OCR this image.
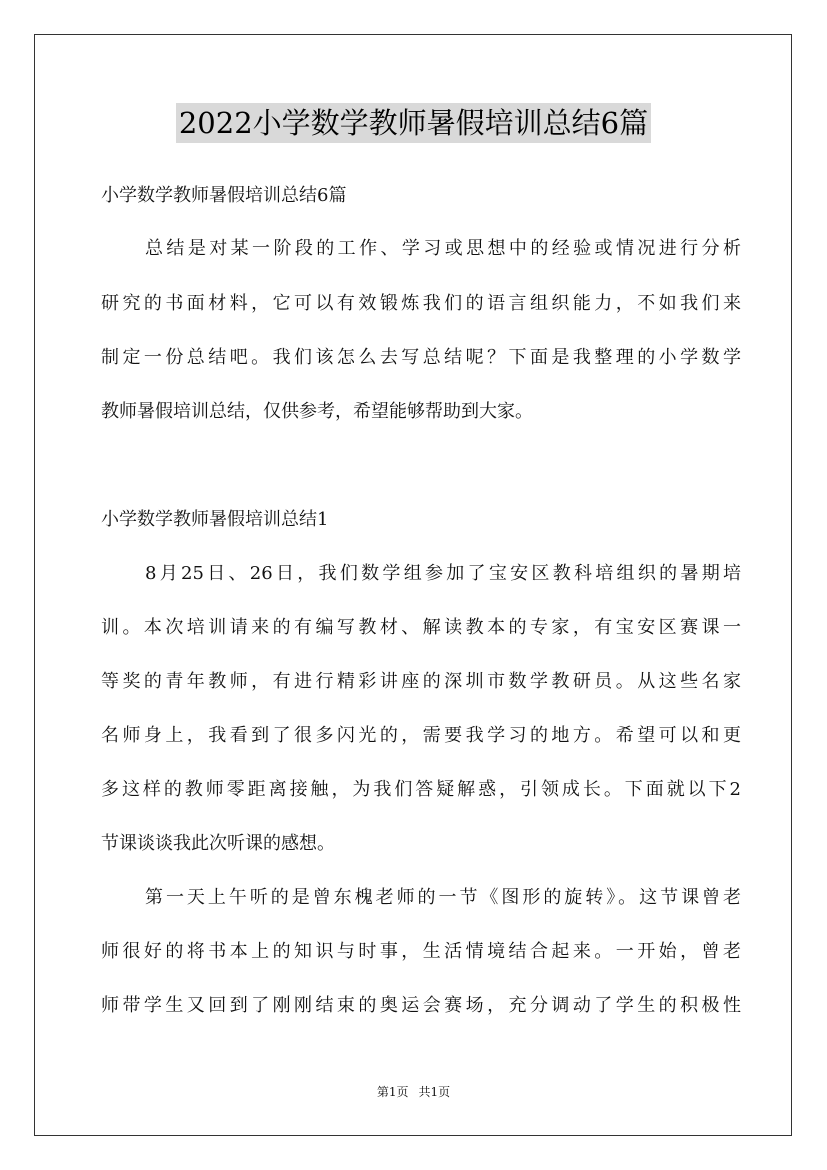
2022小学数学教师暑假培训总结6篇
小学数学教师暑假培训总结6篇
总结是对某一阶段的工作、学习或思想中的经验或情况进行分析
研究的书面材料，它可以有效锻炼我们的语言组织能力，不如我们来
制定一份总结吧。我们该怎么去写总结呢？下面是我整理的小学数学
教师暑假培训总结，仅供参考，希望能够帮助到大家。
小学数学教师暑假培训总结1
8月25日、26日，我们数学组参加了宝安区教科培组织的暑期培
训。本次培训请来的有编写教材、解读教本的专家，有宝安区赛课一
等奖的青年教师，有进行精彩讲座的深圳市数学教研员。从这些名家
名师身上，我看到了很多闪光的，需要我学习的地方。希望可以和更
多这样的教师零距离接触，为我们答疑解惑，引领成长。下面就以下2
节课谈谈我此次听课的感想。
第一天上午听的是曾东槐老师的一节《图形的旋转》。这节课曾老
师很好的将书本上的知识与时事，生活情境结合起来。一开始，曾老
师带学生又回到了刚刚结束的奥运会赛场，充分调动了学生的积极性
第1页 共1页
